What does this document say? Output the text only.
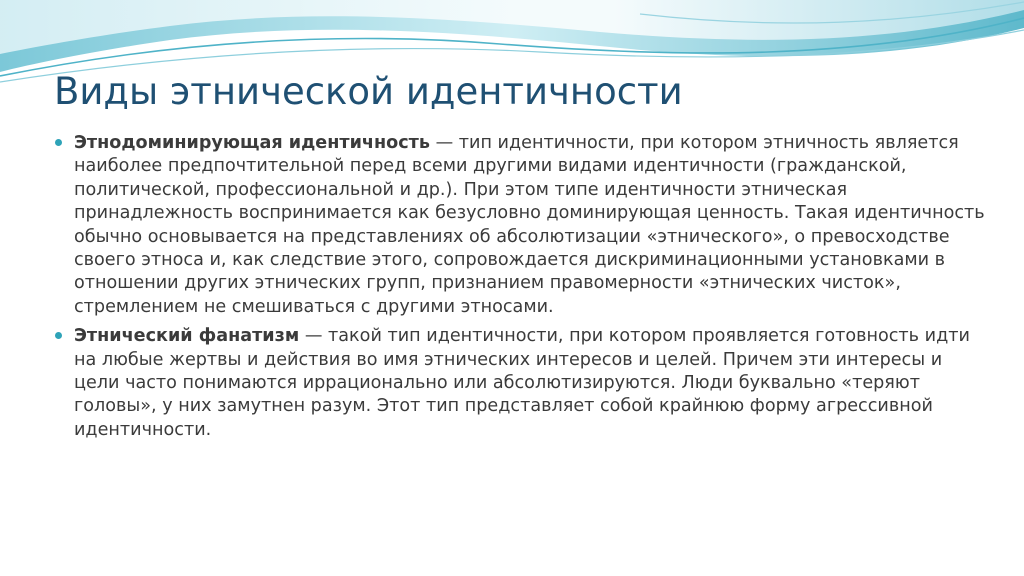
Виды этнической идентичности
Этнодоминирующая идентичность — тип идентичности, при котором этничность является наиболее предпочтительной перед всеми другими видами идентичности (гражданской, политической, профессиональной и др.). При этом типе идентичности этническая принадлежность воспринимается как безусловно доминирующая ценность. Такая идентичность обычно основывается на представлениях об абсолютизации «этнического», о превосходстве своего этноса и, как следствие этого, сопровождается дискриминационными установками в отношении других этнических групп, признанием правомерности «этнических чисток», стремлением не смешиваться с другими этносами.
Этнический фанатизм — такой тип идентичности, при котором проявляется готовность идти на любые жертвы и действия во имя этнических интересов и целей. Причем эти интересы и цели часто понимаются иррационально или абсолютизируются. Люди буквально «теряют головы», у них замутнен разум. Этот тип представляет собой крайнюю форму агрессивной идентичности.
